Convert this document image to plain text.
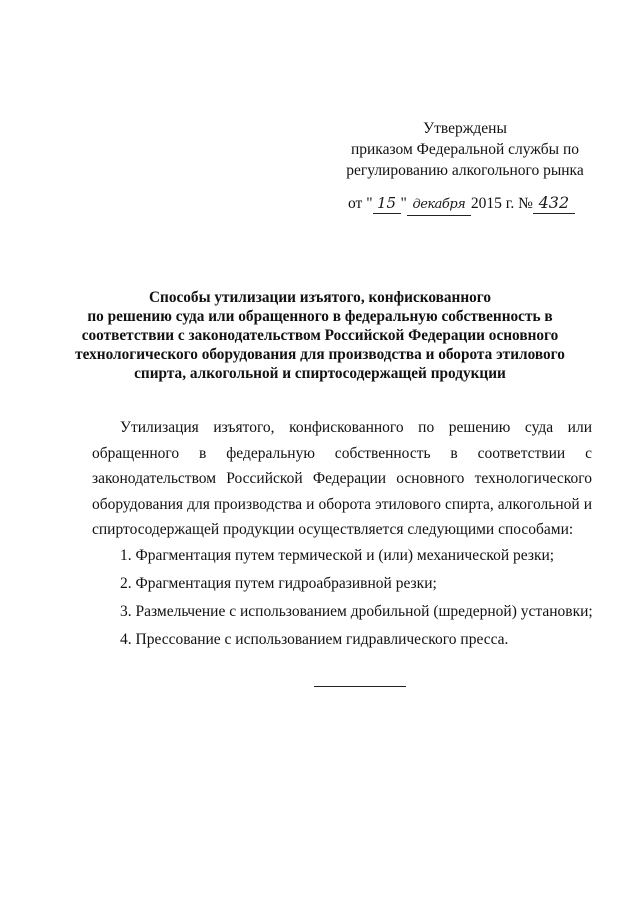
Утверждены
приказом Федеральной службы по
регулированию алкогольного рынка
от " 15 " декабря 2015 г. № 432
Способы утилизации изъятого, конфискованного
по решению суда или обращенного в федеральную собственность в
соответствии с законодательством Российской Федерации основного
технологического оборудования для производства и оборота этилового
спирта, алкогольной и спиртосодержащей продукции

Утилизация изъятого, конфискованного по решению суда или обращенного в федеральную собственность в соответствии с законодательством Российской Федерации основного технологического оборудования для производства и оборота этилового спирта, алкогольной и спиртосодержащей продукции осуществляется следующими способами:

1. Фрагментация путем термической и (или) механической резки;
2. Фрагментация путем гидроабразивной резки;
3. Размельчение с использованием дробильной (шредерной) установки;
4. Прессование с использованием гидравлического пресса.
